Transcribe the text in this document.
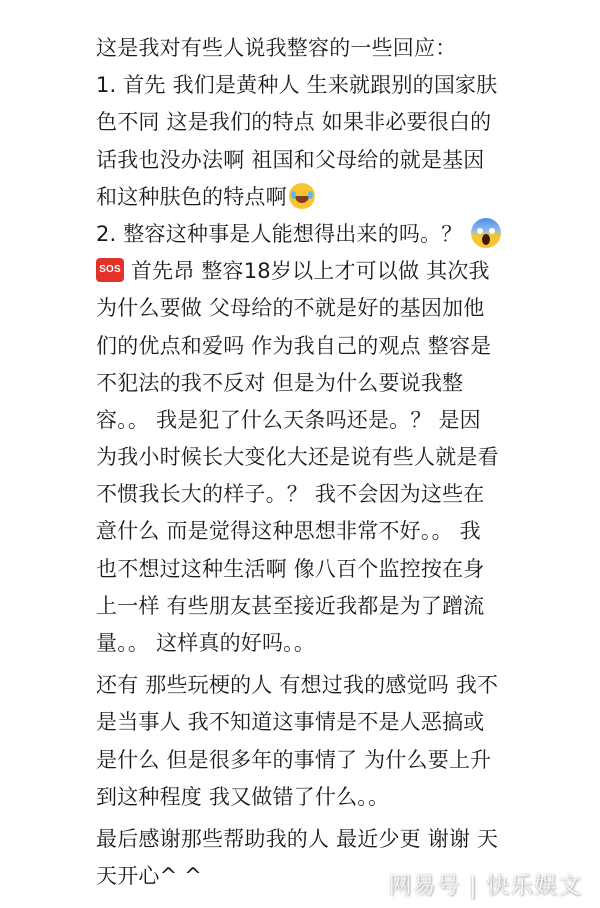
这是我对有些人说我整容的一些回应：
1. 首先 我们是黄种人 生来就跟别的国家肤
色不同 这是我们的特点 如果非必要很白的
话我也没办法啊 祖国和父母给的就是基因
和这种肤色的特点啊
2. 整容这种事是人能想得出来的吗。？
SOS 首先昂 整容18岁以上才可以做 其次我
为什么要做 父母给的不就是好的基因加他
们的优点和爱吗 作为我自己的观点 整容是
不犯法的我不反对 但是为什么要说我整
容。。 我是犯了什么天条吗还是。？ 是因
为我小时候长大变化大还是说有些人就是看
不惯我长大的样子。？ 我不会因为这些在
意什么 而是觉得这种思想非常不好。。 我
也不想过这种生活啊 像八百个监控按在身
上一样 有些朋友甚至接近我都是为了蹭流
量。。 这样真的好吗。。
还有 那些玩梗的人 有想过我的感觉吗 我不
是当事人 我不知道这事情是不是人恶搞或
是什么 但是很多年的事情了 为什么要上升
到这种程度 我又做错了什么。。
最后感谢那些帮助我的人 最近少更 谢谢 天
天开心^ ^	网易号 | 快乐娱文
